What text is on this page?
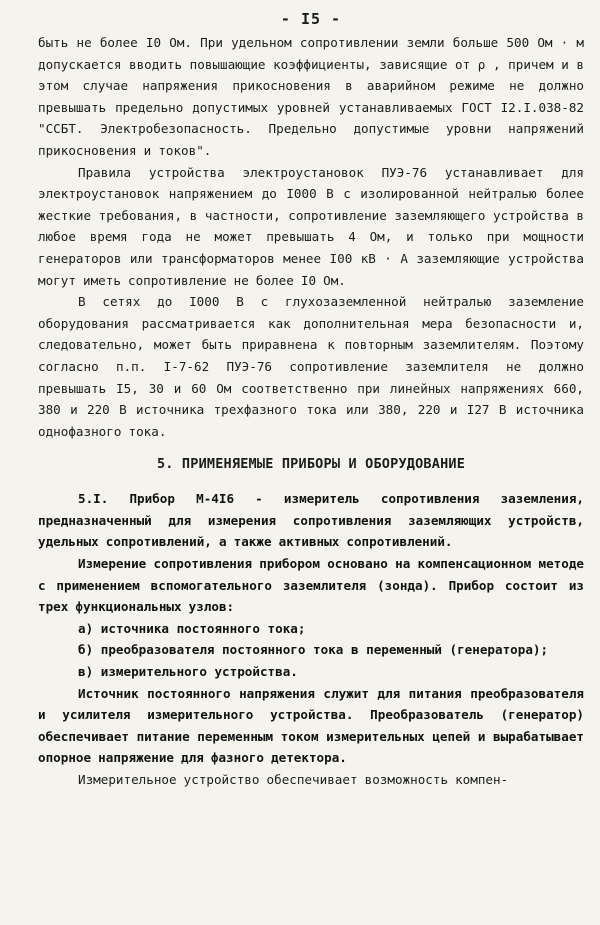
- I5 -

быть не более I0 Ом. При удельном сопротивлении земли больше 500 Ом · м допускается вводить повышающие коэффициенты, зависящие от ρ , причем и в этом случае напряжения прикосновения в аварийном режиме не должно превышать предельно допустимых уровней устанавливаемых ГОСТ I2.I.038-82 "ССБТ. Электробезопасность. Предельно допустимые уровни напряжений прикосновения и токов".

Правила устройства электроустановок ПУЭ-76 устанавливает для электроустановок напряжением до I000 В с изолированной нейтралью более жесткие требования, в частности, сопротивление заземляющего устройства в любое время года не может превышать 4 Ом, и только при мощности генераторов или трансформаторов менее I00 кВ · А заземляющие устройства могут иметь сопротивление не более I0 Ом.

В сетях до I000 В с глухозаземленной нейтралью заземление оборудования рассматривается как дополнительная мера безопасности и, следовательно, может быть приравнена к повторным заземлителям. Поэтому согласно п.п. I-7-62 ПУЭ-76 сопротивление заземлителя не должно превышать I5, 30 и 60 Ом соответственно при линейных напряжениях 660, 380 и 220 В источника трехфазного тока или 380, 220 и I27 В источника однофазного тока.

5. ПРИМЕНЯЕМЫЕ ПРИБОРЫ И ОБОРУДОВАНИЕ

5.I. Прибор М-4I6 - измеритель сопротивления заземления, предназначенный для измерения сопротивления заземляющих устройств, удельных сопротивлений, а также активных сопротивлений.

Измерение сопротивления прибором основано на компенсационном методе с применением вспомогательного заземлителя (зонда). Прибор состоит из трех функциональных узлов:

а) источника постоянного тока;

б) преобразователя постоянного тока в переменный (генератора);

в) измерительного устройства.

Источник постоянного напряжения служит для питания преобразователя и усилителя измерительного устройства. Преобразователь (генератор) обеспечивает питание переменным током измерительных цепей и вырабатывает опорное напряжение для фазного детектора.

Измерительное устройство обеспечивает возможность компен-
